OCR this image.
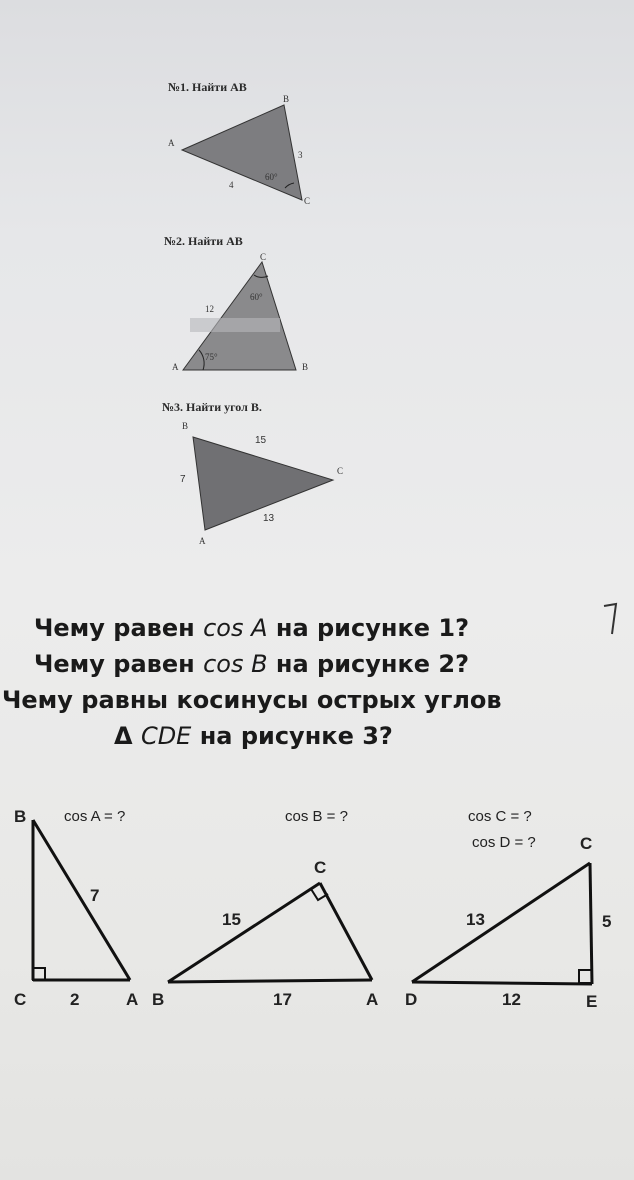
№1. Найти АВ
B
A
C
3
4
60°
№2. Найти АВ
C
A	B
12
60°
75°
№3. Найти угол В.
B
C
A
15
7
13
Чему равен cos A на рисунке 1?
Чему равен cos B на рисунке 2?
Чему равны косинусы острых углов
Δ CDE на рисунке 3?
cos A = ?
B
C	A
7
2
cos B = ?
B
C
A
15
17
cos C = ?
cos D = ?	C
D	E
13	5
12
